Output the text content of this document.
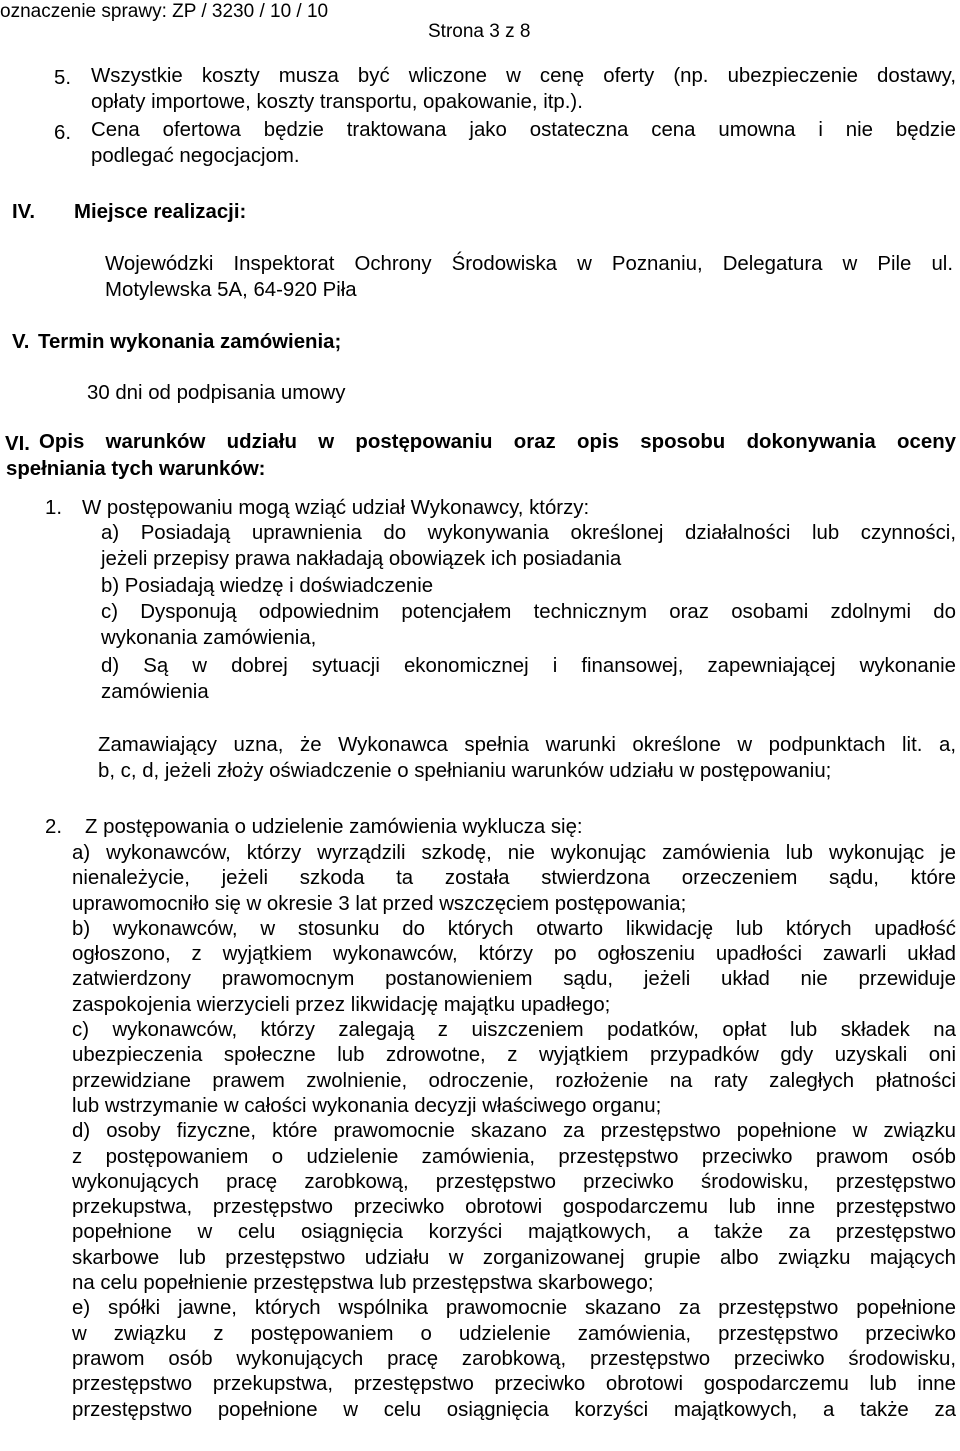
oznaczenie sprawy: ZP / 3230 / 10 / 10
Strona 3 z 8
5. Wszystkie koszty musza być wliczone w cenę oferty (np. ubezpieczenie dostawy,
opłaty importowe, koszty transportu, opakowanie, itp.).
6. Cena ofertowa będzie traktowana jako ostateczna cena umowna i nie będzie
podlegać negocjacjom.
IV. Miejsce realizacji:
Wojewódzki Inspektorat Ochrony Środowiska w Poznaniu, Delegatura w Pile ul.
Motylewska 5A, 64-920 Piła
V. Termin wykonania zamówienia;
30 dni od podpisania umowy
VI. Opis warunków udziału w postępowaniu oraz opis sposobu dokonywania oceny
spełniania tych warunków:
1. W postępowaniu mogą wziąć udział Wykonawcy, którzy:
a) Posiadają uprawnienia do wykonywania określonej działalności lub czynności,
jeżeli przepisy prawa nakładają obowiązek ich posiadania
b) Posiadają wiedzę i doświadczenie
c) Dysponują odpowiednim potencjałem technicznym oraz osobami zdolnymi do
wykonania zamówienia,
d) Są w dobrej sytuacji ekonomicznej i finansowej, zapewniającej wykonanie
zamówienia
Zamawiający uzna, że Wykonawca spełnia warunki określone w podpunktach lit. a,
b, c, d, jeżeli złoży oświadczenie o spełnianiu warunków udziału w postępowaniu;
2. Z postępowania o udzielenie zamówienia wyklucza się:
a) wykonawców, którzy wyrządzili szkodę, nie wykonując zamówienia lub wykonując je
nienależycie, jeżeli szkoda ta została stwierdzona orzeczeniem sądu, które
uprawomocniło się w okresie 3 lat przed wszczęciem postępowania;
b) wykonawców, w stosunku do których otwarto likwidację lub których upadłość
ogłoszono, z wyjątkiem wykonawców, którzy po ogłoszeniu upadłości zawarli układ
zatwierdzony prawomocnym postanowieniem sądu, jeżeli układ nie przewiduje
zaspokojenia wierzycieli przez likwidację majątku upadłego;
c) wykonawców, którzy zalegają z uiszczeniem podatków, opłat lub składek na
ubezpieczenia społeczne lub zdrowotne, z wyjątkiem przypadków gdy uzyskali oni
przewidziane prawem zwolnienie, odroczenie, rozłożenie na raty zaległych płatności
lub wstrzymanie w całości wykonania decyzji właściwego organu;
d) osoby fizyczne, które prawomocnie skazano za przestępstwo popełnione w związku
z postępowaniem o udzielenie zamówienia, przestępstwo przeciwko prawom osób
wykonujących pracę zarobkową, przestępstwo przeciwko środowisku, przestępstwo
przekupstwa, przestępstwo przeciwko obrotowi gospodarczemu lub inne przestępstwo
popełnione w celu osiągnięcia korzyści majątkowych, a także za przestępstwo
skarbowe lub przestępstwo udziału w zorganizowanej grupie albo związku mających
na celu popełnienie przestępstwa lub przestępstwa skarbowego;
e) spółki jawne, których wspólnika prawomocnie skazano za przestępstwo popełnione
w związku z postępowaniem o udzielenie zamówienia, przestępstwo przeciwko
prawom osób wykonujących pracę zarobkową, przestępstwo przeciwko środowisku,
przestępstwo przekupstwa, przestępstwo przeciwko obrotowi gospodarczemu lub inne
przestępstwo popełnione w celu osiągnięcia korzyści majątkowych, a także za
